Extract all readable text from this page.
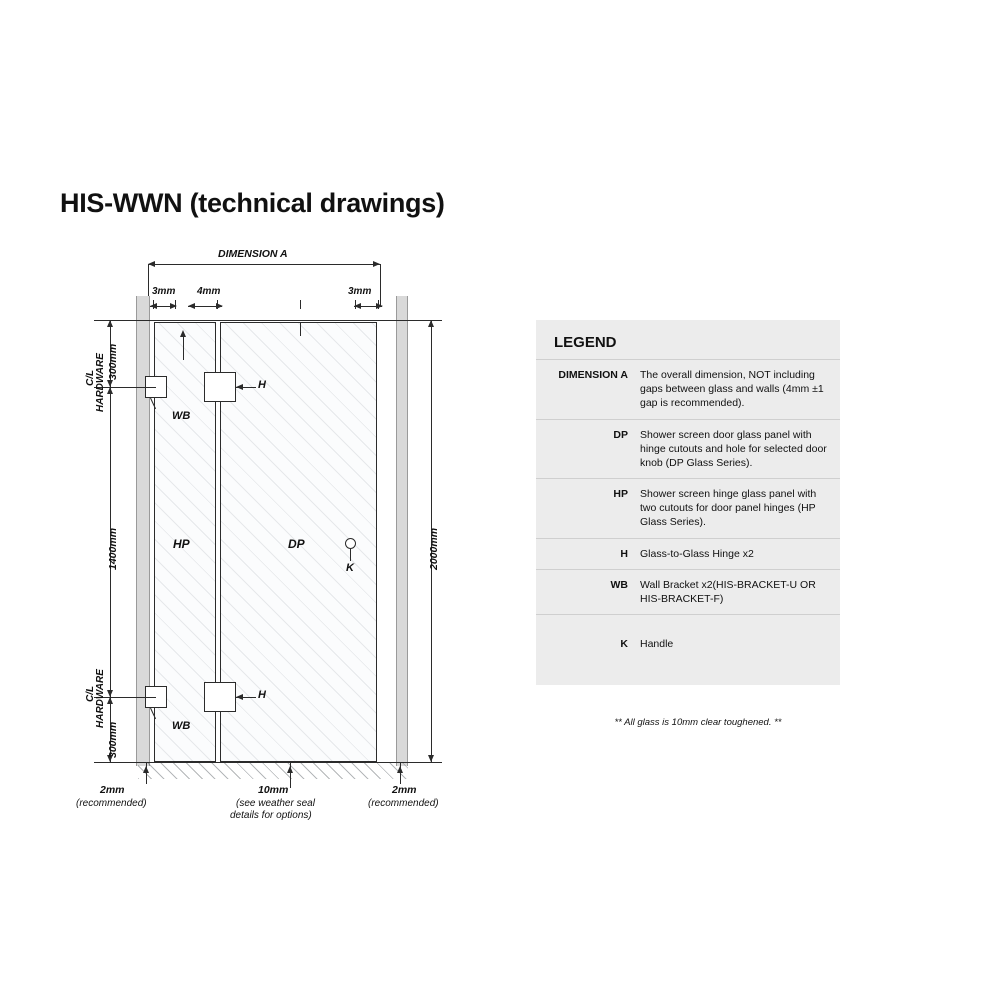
HIS-WWN (technical drawings)
DIMENSION A
3mm 4mm	3mm
HP	DP
H
H
WB
WB
K
300mm
C/L HARDWARE
1400mm
300mm
C/L HARDWARE
2000mm
2mm
(recommended)
10mm
(see weather seal
details for options)
2mm
(recommended)
LEGEND
DIMENSION A	The overall dimension, NOT including gaps between glass and walls (4mm ±1 gap is recommended).
DP	Shower screen door glass panel with hinge cutouts and hole for selected door knob (DP Glass Series).
HP	Shower screen hinge glass panel with two cutouts for door panel hinges (HP Glass Series).
H	Glass-to-Glass Hinge x2
WB	Wall Bracket x2(HIS-BRACKET-U OR HIS-BRACKET-F)

K	Handle
** All glass is 10mm clear toughened. **
